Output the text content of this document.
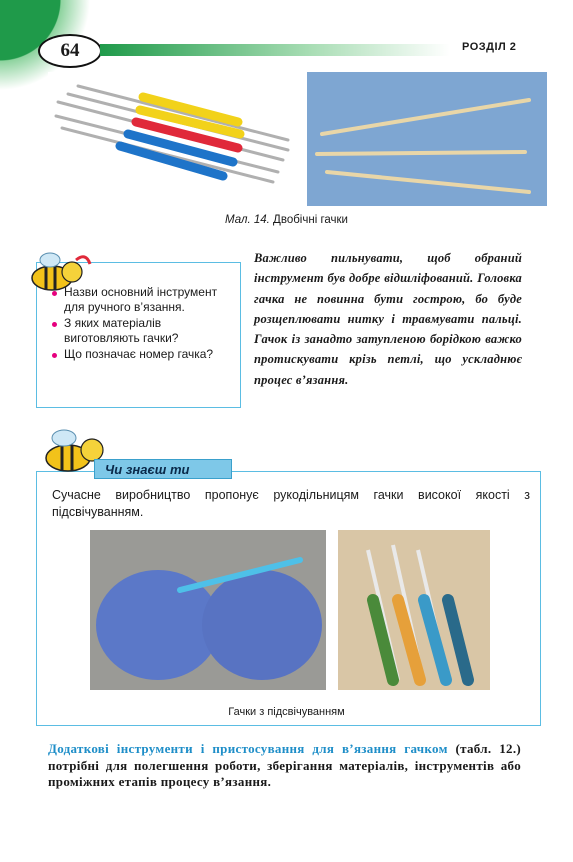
64	РОЗДІЛ 2
Мал. 14. Двобічні гачки
Назви основний інструмент для ручного в’язання.
З яких матеріалів виготовляють гачки?
Що позначає номер гачка?
Важливо пильнувати, щоб обраний інструмент був добре відшліфований. Головка гачка не повинна бути гострою, бо буде розщеплювати нитку і травмувати пальці. Гачок із занадто затупленою борідкою важко протискувати крізь петлі, що ускладнює процес в’язання.
Чи знаєш ти
Сучасне виробництво пропонує рукодільницям гачки високої якості з підсвічуванням.
Гачки з підсвічуванням
Додаткові інструменти і пристосування для в’язання гачком (табл. 12.) потрібні для полегшення роботи, зберігання матеріалів, інструментів або проміжних етапів процесу в’язання.
